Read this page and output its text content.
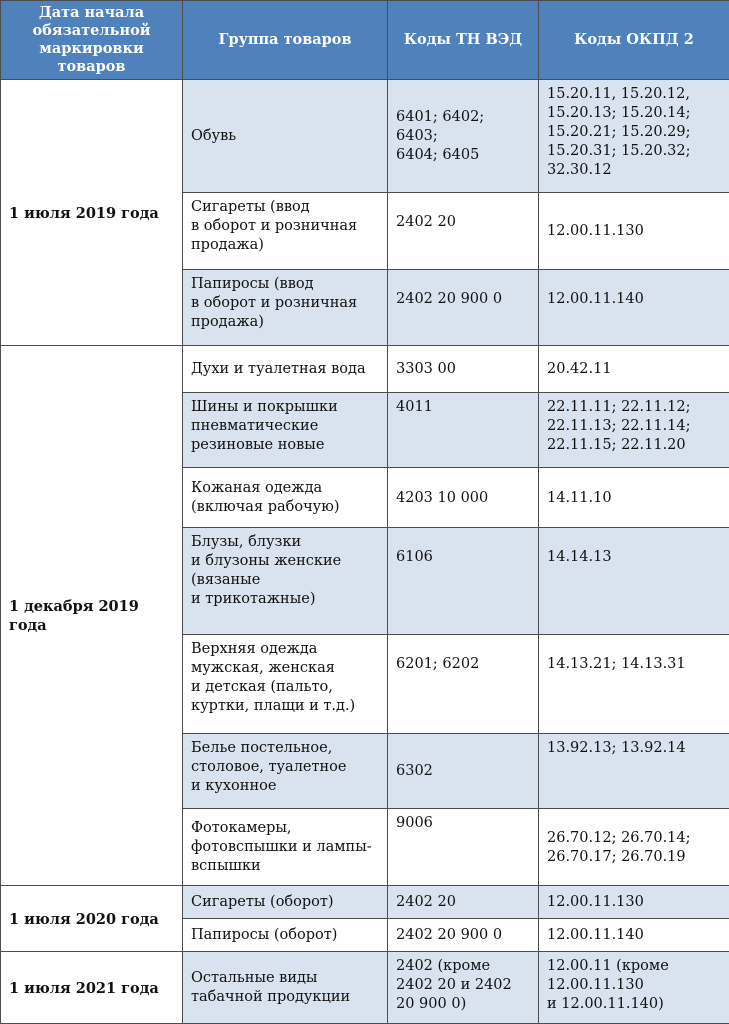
Дата начала
обязательной
маркировки
товаров	Группа товаров	Коды ТН ВЭД	Коды ОКПД 2
1 июля 2019 года	Обувь	6401; 6402; 6403;
6404; 6405	15.20.11, 15.20.12,
15.20.13; 15.20.14;
15.20.21; 15.20.29;
15.20.31; 15.20.32;
32.30.12
	Сигареты (ввод
в оборот и розничная
продажа)	2402 20	12.00.11.130
	Папиросы (ввод
в оборот и розничная
продажа)	2402 20 900 0	12.00.11.140
1 декабря 2019 года	Духи и туалетная вода	3303 00	20.42.11
	Шины и покрышки
пневматические
резиновые новые	4011	22.11.11; 22.11.12;
22.11.13; 22.11.14;
22.11.15; 22.11.20
	Кожаная одежда
(включая рабочую)	4203 10 000	14.11.10
	Блузы, блузки
и блузоны женские
(вязаные
и трикотажные)	6106	14.14.13
	Верхняя одежда
мужская, женская
и детская (пальто,
куртки, плащи и т.д.)	6201; 6202	14.13.21; 14.13.31
	Белье постельное,
столовое, туалетное
и кухонное	6302	13.92.13; 13.92.14
	Фотокамеры,
фотовспышки и лампы-
вспышки	9006	26.70.12; 26.70.14;
26.70.17; 26.70.19
1 июля 2020 года	Сигареты (оборот)	2402 20	12.00.11.130
	Папиросы (оборот)	2402 20 900 0	12.00.11.140
1 июля 2021 года	Остальные виды
табачной продукции	2402 (кроме
2402 20 и 2402
20 900 0)	12.00.11 (кроме
12.00.11.130
и 12.00.11.140)
